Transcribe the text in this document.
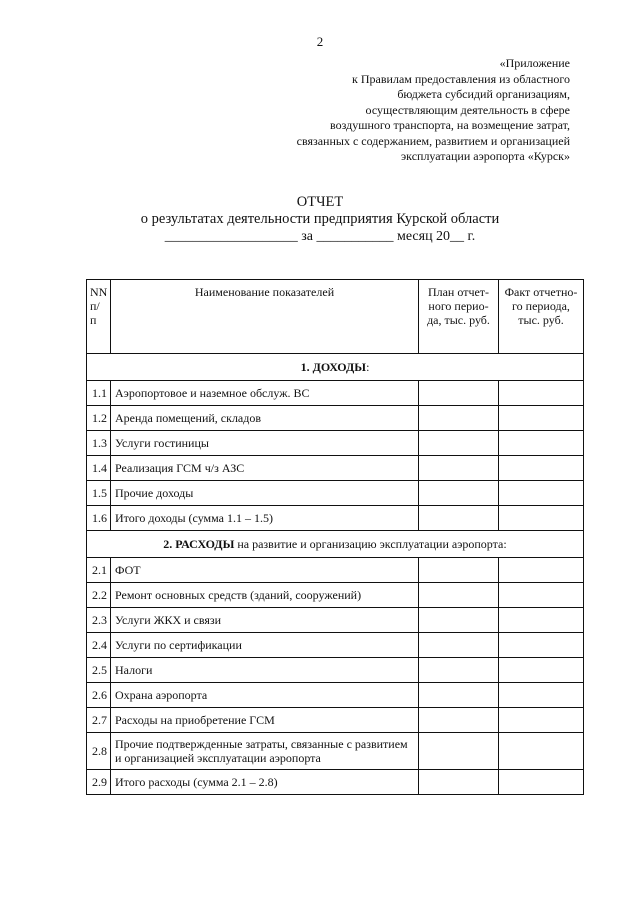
2
«Приложение
к Правилам предоставления из областного
бюджета субсидий организациям,
осуществляющим деятельность в сфере
воздушного транспорта, на возмещение затрат,
связанных с содержанием, развитием и организацией
эксплуатации аэропорта «Курск»
ОТЧЕТ
о результатах деятельности предприятия Курской области
___________________ за ___________ месяц 20__ г.
NN п/п	Наименование показателей	План отчет-ного перио-да, тыс. руб.	Факт отчетно-го периода, тыс. руб.
1. ДОХОДЫ:			
1.1	Аэропортовое и наземное обслуж. ВС		
1.2	Аренда помещений, складов		
1.3	Услуги гостиницы		
1.4	Реализация ГСМ ч/з АЗС		
1.5	Прочие доходы		
1.6	Итого доходы (сумма 1.1 – 1.5)		
2. РАСХОДЫ на развитие и организацию эксплуатации аэропорта:			
2.1	ФОТ		
2.2	Ремонт основных средств (зданий, сооружений)		
2.3	Услуги ЖКХ и связи		
2.4	Услуги по сертификации		
2.5	Налоги		
2.6	Охрана аэропорта		
2.7	Расходы на приобретение ГСМ		
2.8	Прочие подтвержденные затраты, связанные с развитием и организацией эксплуатации аэропорта		
2.9	Итого расходы (сумма 2.1 – 2.8)		
